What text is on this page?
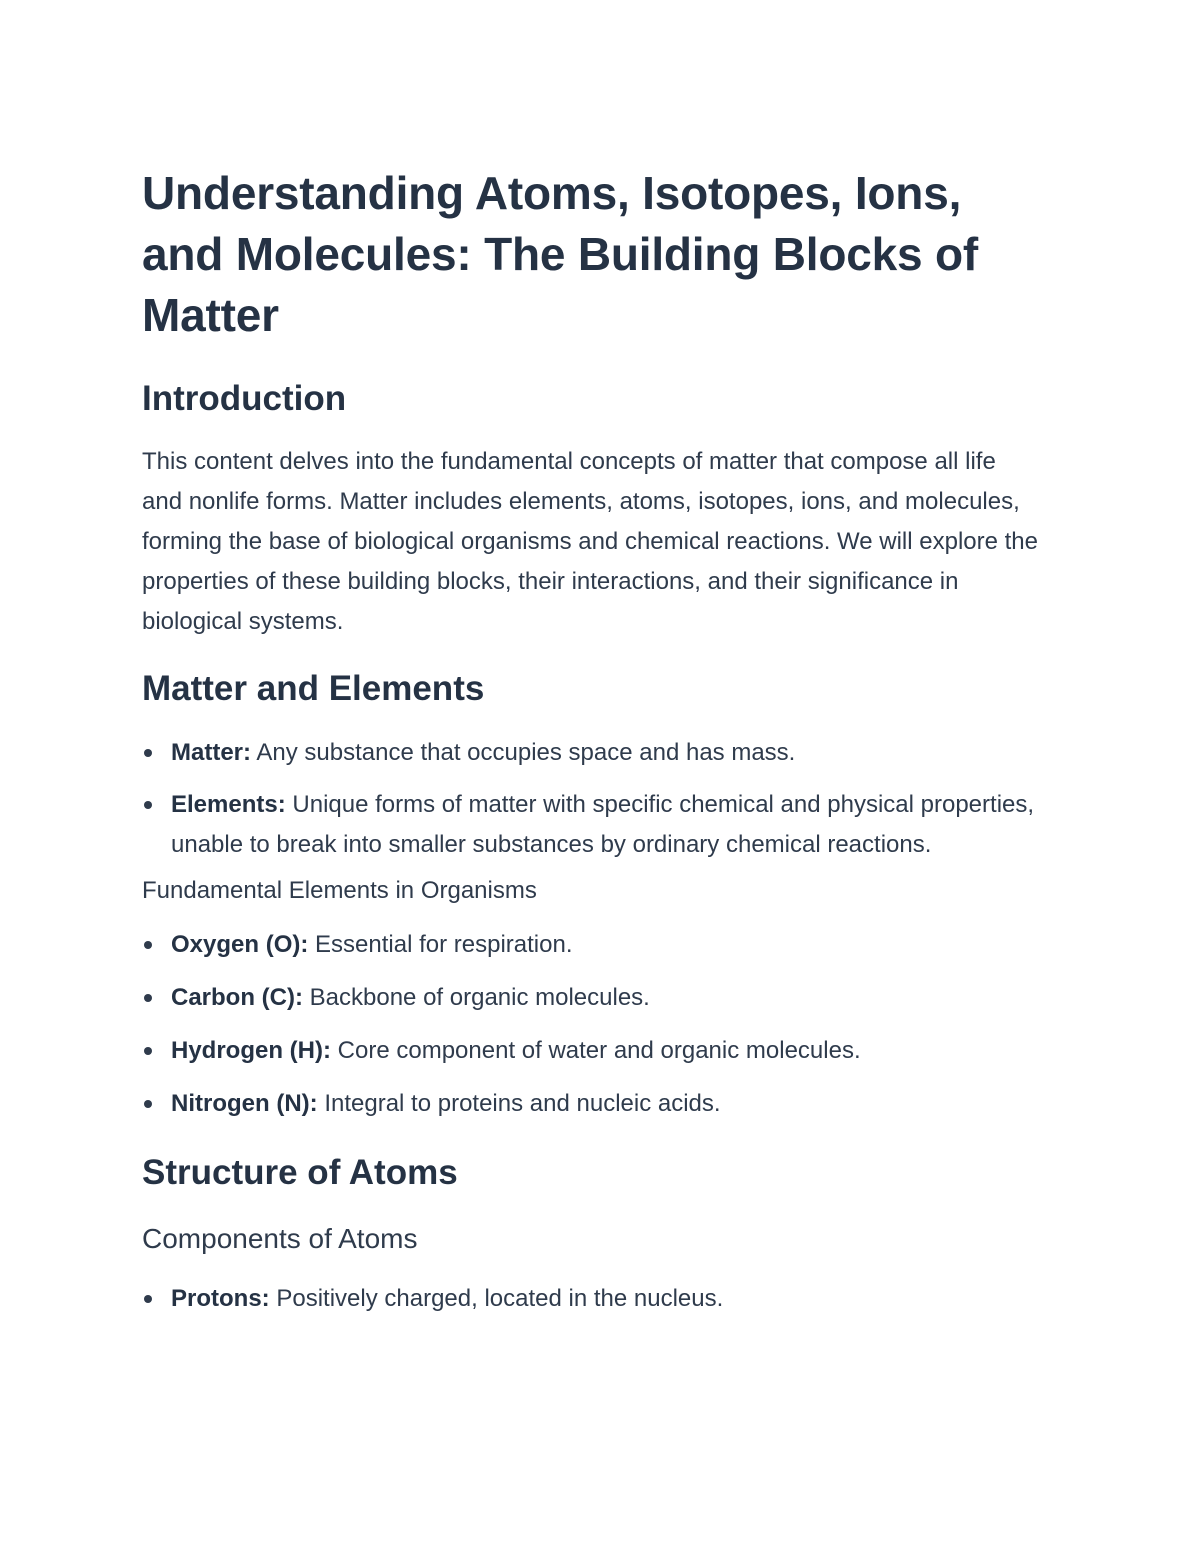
Understanding Atoms, Isotopes, Ions, and Molecules: The Building Blocks of Matter
Introduction

This content delves into the fundamental concepts of matter that compose all life and nonlife forms. Matter includes elements, atoms, isotopes, ions, and molecules, forming the base of biological organisms and chemical reactions. We will explore the properties of these building blocks, their interactions, and their significance in biological systems.

Matter and Elements
Matter: Any substance that occupies space and has mass.
Elements: Unique forms of matter with specific chemical and physical properties, unable to break into smaller substances by ordinary chemical reactions.
Fundamental Elements in Organisms
Oxygen (O): Essential for respiration.
Carbon (C): Backbone of organic molecules.
Hydrogen (H): Core component of water and organic molecules.
Nitrogen (N): Integral to proteins and nucleic acids.
Structure of Atoms
Components of Atoms
Protons: Positively charged, located in the nucleus.
